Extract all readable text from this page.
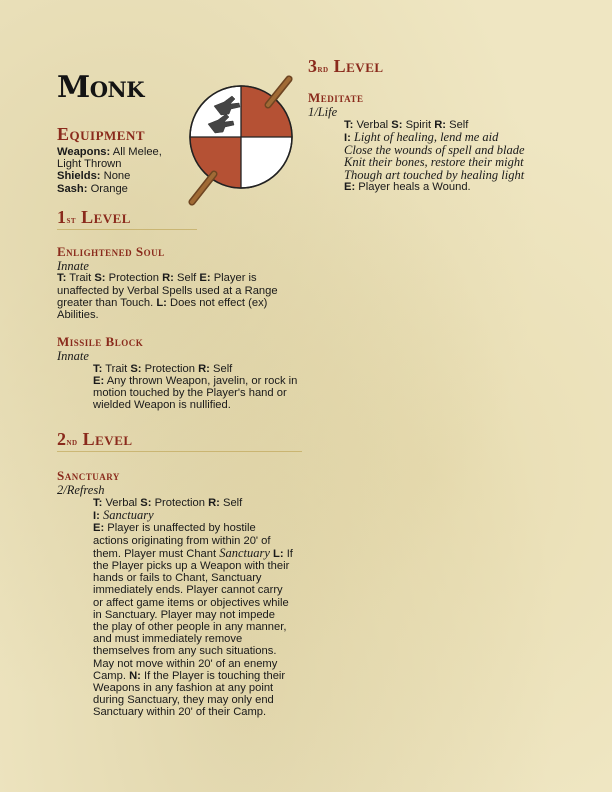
Monk
Equipment

Weapons: All Melee, Light Thrown

Shields: None

Sash: Orange

1st Level
Enlightened Soul

Innate

T: Trait S: Protection R: Self E: Player is unaffected by Verbal Spells used at a Range greater than Touch. L: Does not effect (ex) Abilities.

Missile Block

Innate

T: Trait S: Protection R: Self

E: Any thrown Weapon, javelin, or rock in motion touched by the Player's hand or wielded Weapon is nullified.

2nd Level
Sanctuary

2/Refresh

T: Verbal S: Protection R: Self

I: Sanctuary

E: Player is unaffected by hostile actions originating from within 20' of them. Player must Chant Sanctuary L: If the Player picks up a Weapon with their hands or fails to Chant, Sanctuary immediately ends. Player cannot carry or affect game items or objectives while in Sanctuary. Player may not impede the play of other people in any manner, and must immediately remove themselves from any such situations. May not move within 20' of an enemy Camp. N: If the Player is touching their Weapons in any fashion at any point during Sanctuary, they may only end Sanctuary within 20' of their Camp.

3rd Level
Meditate

1/Life

T: Verbal S: Spirit R: Self

I: Light of healing, lend me aid

Close the wounds of spell and blade

Knit their bones, restore their might

Though art touched by healing light

E: Player heals a Wound.
